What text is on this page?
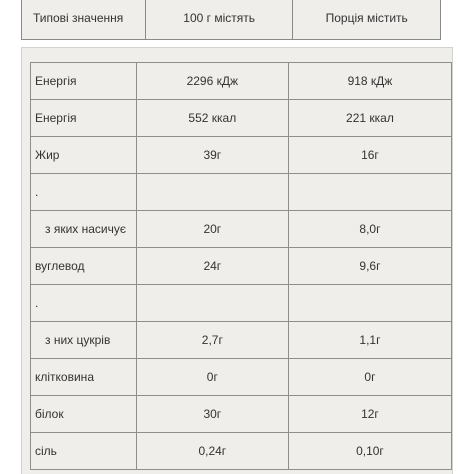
Типові значення	100 г містять	Порція містить
Енергія	2296 кДж	918 кДж
Енергія	552 ккал	221 ккал
Жир	39г	16г
.		
з яких насичує	20г	8,0г
вуглевод	24г	9,6г
.		
з них цукрів	2,7г	1,1г
клітковина	0г	0г
білок	30г	12г
сіль	0,24г	0,10г
